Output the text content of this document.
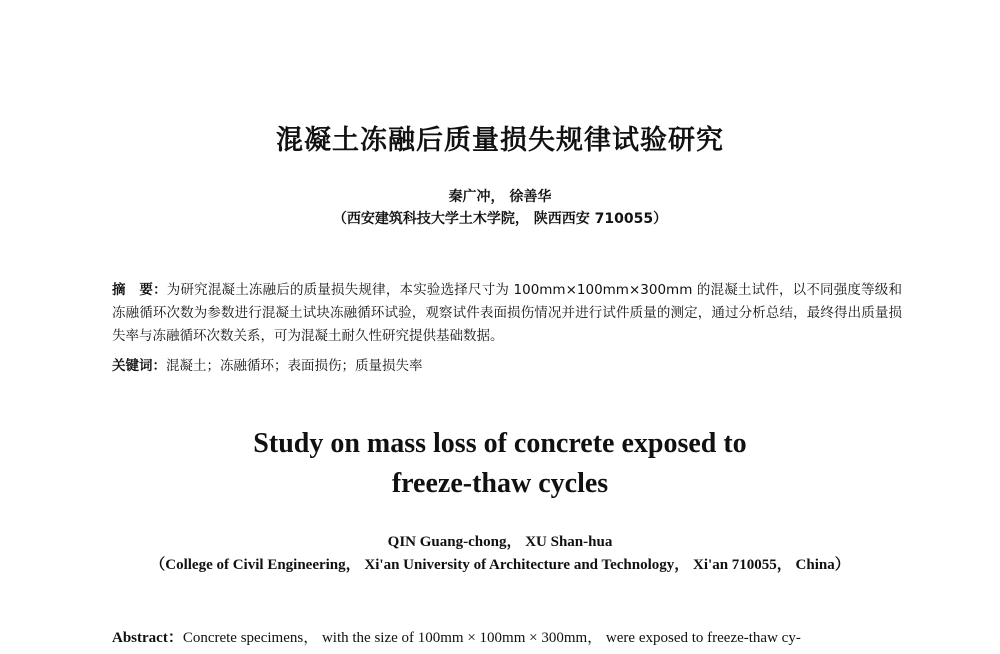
混凝土冻融后质量损失规律试验研究
秦广冲， 徐善华
（西安建筑科技大学土木学院， 陕西西安 710055）
摘　要：为研究混凝土冻融后的质量损失规律，本实验选择尺寸为 100mm×100mm×300mm 的混凝土试件，以不同强度等级和冻融循环次数为参数进行混凝土试块冻融循环试验，观察试件表面损伤情况并进行试件质量的测定，通过分析总结，最终得出质量损失率与冻融循环次数关系，可为混凝土耐久性研究提供基础数据。
关键词：混凝土；冻融循环；表面损伤；质量损失率
Study on mass loss of concrete exposed to
freeze-thaw cycles
QIN Guang-chong， XU Shan-hua
（College of Civil Engineering， Xi'an University of Architecture and Technology， Xi'an 710055， China）
Abstract：Concrete specimens， with the size of 100mm × 100mm × 300mm， were exposed to freeze-thaw cy-
